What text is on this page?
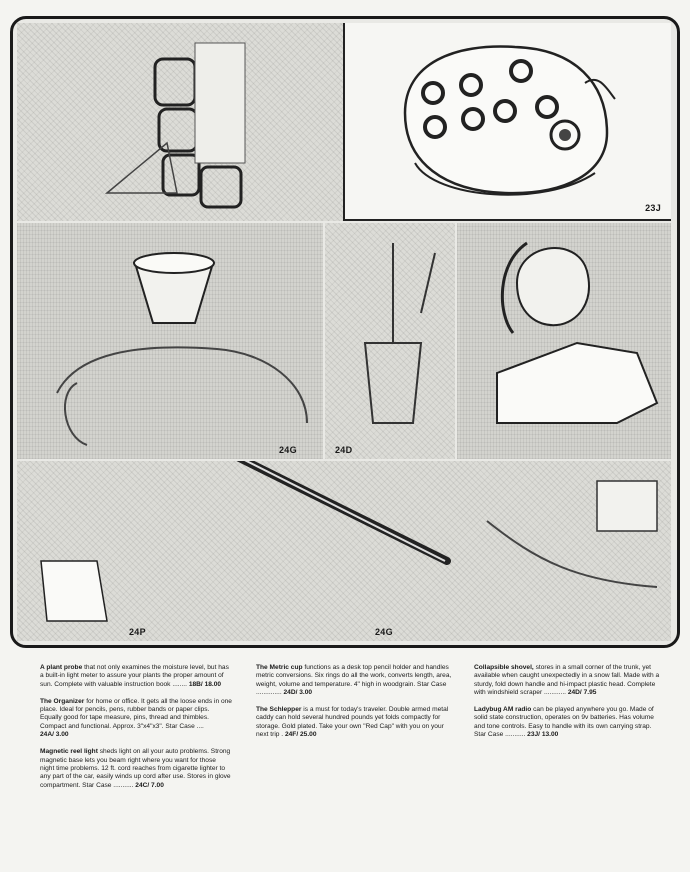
23J
24G	24D
24P	24G

A plant probe that not only examines the moisture level, but has a built-in light meter to assure your plants the proper amount of sun. Complete with valuable instruction book ........ 18B/ 18.00

The Organizer for home or office. It gets all the loose ends in one place. Ideal for pencils, pens, rubber bands or paper clips. Equally good for tape measure, pins, thread and thimbles. Compact and functional. Approx. 3"x4"x3". Star Case .... 24A/ 3.00

Magnetic reel light sheds light on all your auto problems. Strong magnetic base lets you beam right where you want for those night time problems. 12 ft. cord reaches from cigarette lighter to any part of the car, easily winds up cord after use. Stores in glove compartment. Star Case ........... 24C/ 7.00

The Metric cup functions as a desk top pencil holder and handles metric conversions. Six rings do all the work, converts length, area, weight, volume and temperature. 4" high in woodgrain. Star Case .............. 24D/ 3.00

The Schlepper is a must for today's traveler. Double armed metal caddy can hold several hundred pounds yet folds compactly for storage. Gold plated. Take your own "Red Cap" with you on your next trip . 24F/ 25.00

Collapsible shovel, stores in a small corner of the trunk, yet available when caught unexpectedly in a snow fall. Made with a sturdy, fold down handle and hi-impact plastic head. Complete with windshield scraper ............ 24D/ 7.95

Ladybug AM radio can be played anywhere you go. Made of solid state construction, operates on 9v batteries. Has volume and tone controls. Easy to handle with its own carrying strap. Star Case ........... 23J/ 13.00
